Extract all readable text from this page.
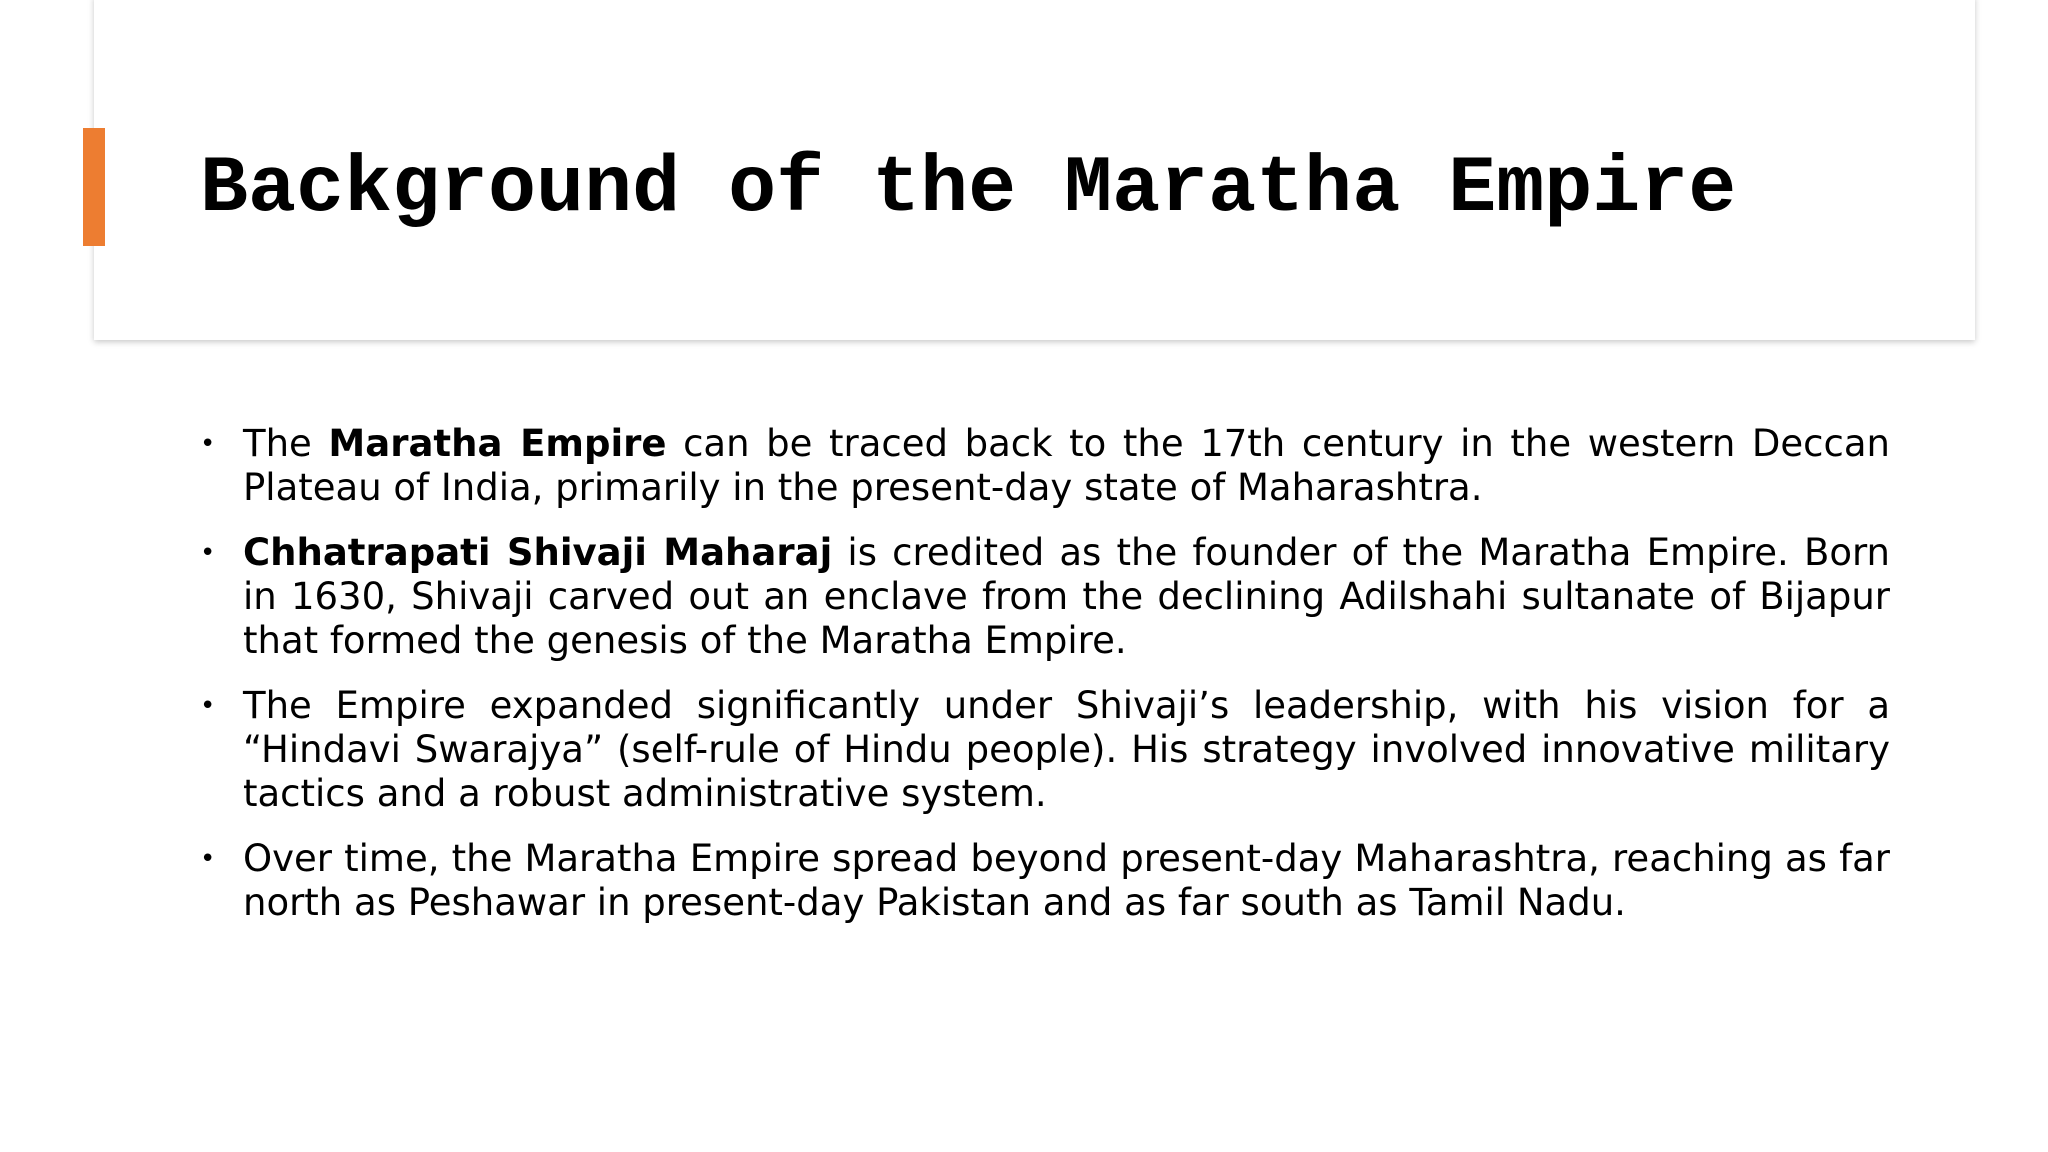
Background of the Maratha Empire
• The Maratha Empire can be traced back to the 17th century in the western Deccan Plateau of India, primarily in the present-day state of Maharashtra.
• Chhatrapati Shivaji Maharaj is credited as the founder of the Maratha Empire. Born in 1630, Shivaji carved out an enclave from the declining Adilshahi sultanate of Bijapur that formed the genesis of the Maratha Empire.
• The Empire expanded significantly under Shivaji’s leadership, with his vision for a “Hindavi Swarajya” (self-rule of Hindu people). His strategy involved innovative military tactics and a robust administrative system.
• Over time, the Maratha Empire spread beyond present-day Maharashtra, reaching as far north as Peshawar in present-day Pakistan and as far south as Tamil Nadu.
